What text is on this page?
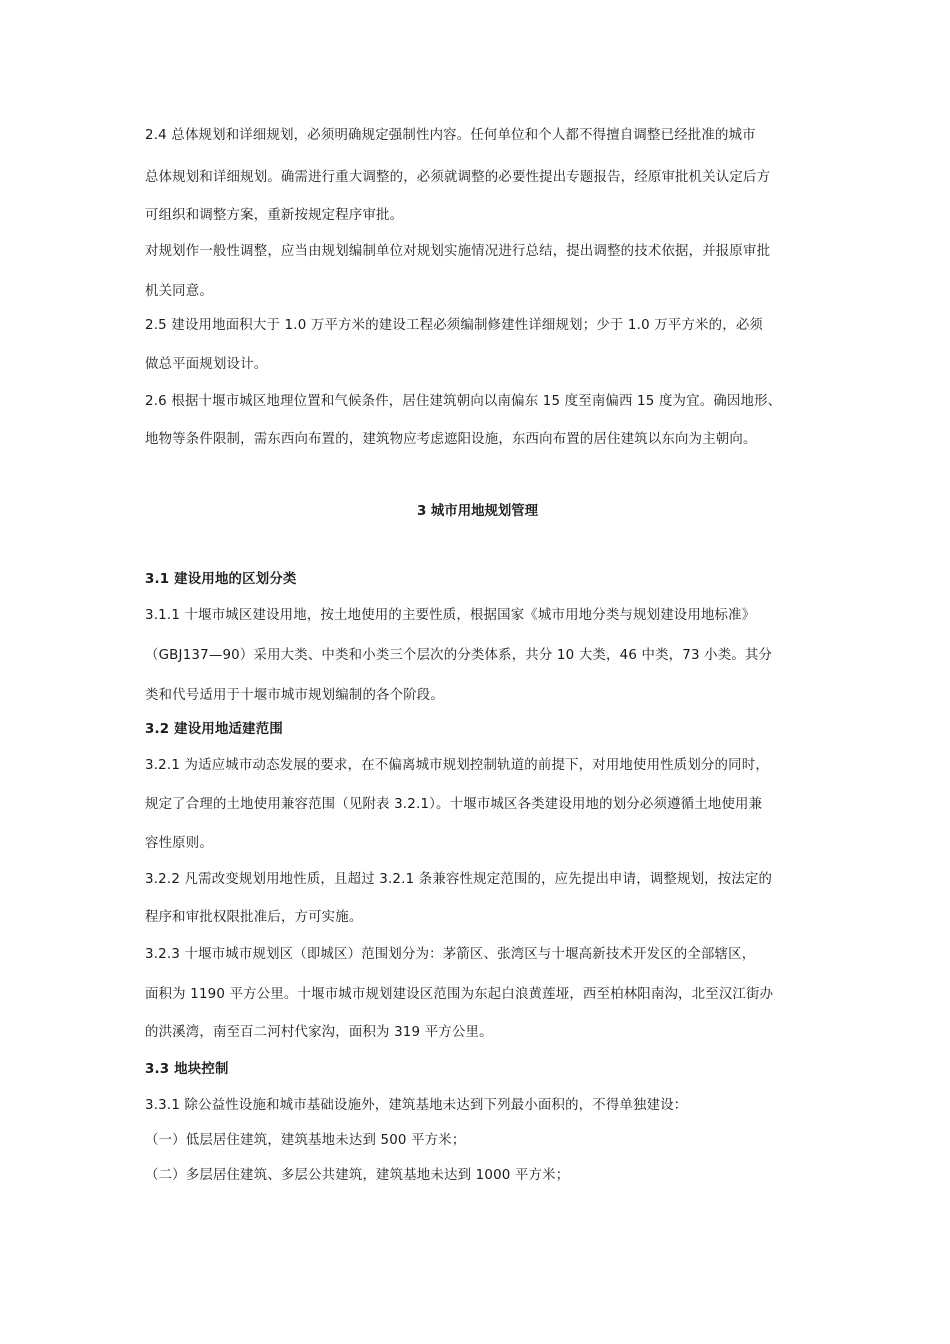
2.4 总体规划和详细规划，必须明确规定强制性内容。任何单位和个人都不得擅自调整已经批准的城市
总体规划和详细规划。确需进行重大调整的，必须就调整的必要性提出专题报告，经原审批机关认定后方
可组织和调整方案，重新按规定程序审批。
对规划作一般性调整，应当由规划编制单位对规划实施情况进行总结，提出调整的技术依据，并报原审批
机关同意。
2.5 建设用地面积大于 1.0 万平方米的建设工程必须编制修建性详细规划；少于 1.0 万平方米的，必须
做总平面规划设计。
2.6 根据十堰市城区地理位置和气候条件，居住建筑朝向以南偏东 15 度至南偏西 15 度为宜。确因地形、
地物等条件限制，需东西向布置的，建筑物应考虑遮阳设施，东西向布置的居住建筑以东向为主朝向。
3 城市用地规划管理
3.1 建设用地的区划分类
3.1.1 十堰市城区建设用地，按土地使用的主要性质，根据国家《城市用地分类与规划建设用地标准》
（GBJ137—90）采用大类、中类和小类三个层次的分类体系，共分 10 大类，46 中类，73 小类。其分
类和代号适用于十堰市城市规划编制的各个阶段。
3.2 建设用地适建范围
3.2.1 为适应城市动态发展的要求，在不偏离城市规划控制轨道的前提下，对用地使用性质划分的同时，
规定了合理的土地使用兼容范围（见附表 3.2.1）。十堰市城区各类建设用地的划分必须遵循土地使用兼
容性原则。
3.2.2 凡需改变规划用地性质，且超过 3.2.1 条兼容性规定范围的，应先提出申请，调整规划，按法定的
程序和审批权限批准后，方可实施。
3.2.3 十堰市城市规划区（即城区）范围划分为：茅箭区、张湾区与十堰高新技术开发区的全部辖区，
面积为 1190 平方公里。十堰市城市规划建设区范围为东起白浪黄莲垭，西至柏林阳南沟，北至汉江街办
的洪溪湾，南至百二河村代家沟，面积为 319 平方公里。
3.3 地块控制
3.3.1 除公益性设施和城市基础设施外，建筑基地未达到下列最小面积的，不得单独建设：
（一）低层居住建筑，建筑基地未达到 500 平方米；
（二）多层居住建筑、多层公共建筑，建筑基地未达到 1000 平方米；
